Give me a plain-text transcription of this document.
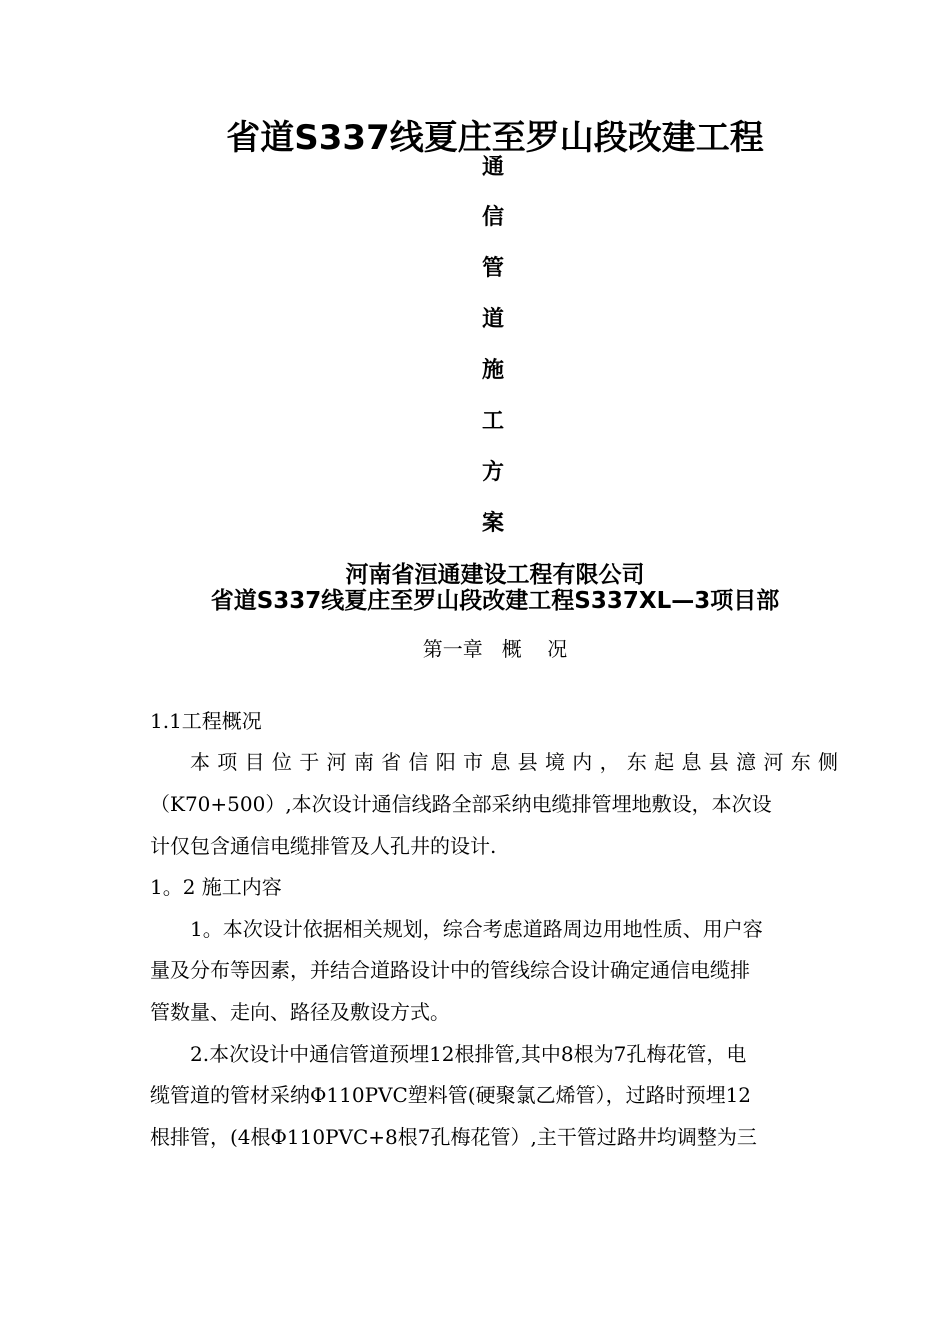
省道S337线夏庄至罗山段改建工程
通
信
管
道
施
工
方
案
河南省洹通建设工程有限公司
省道S337线夏庄至罗山段改建工程S337XL—3项目部
第一章   概    况
1.1工程概况
本项目位于河南省信阳市息县境内，东起息县澺河东侧
（K70+500）,本次设计通信线路全部采纳电缆排管埋地敷设，本次设
计仅包含通信电缆排管及人孔井的设计.
1。2 施工内容
1。本次设计依据相关规划，综合考虑道路周边用地性质、用户容
量及分布等因素，并结合道路设计中的管线综合设计确定通信电缆排
管数量、走向、路径及敷设方式。
2.本次设计中通信管道预埋12根排管,其中8根为7孔梅花管，电
缆管道的管材采纳Φ110PVC塑料管(硬聚氯乙烯管），过路时预埋12
根排管，(4根Φ110PVC+8根7孔梅花管）,主干管过路井均调整为三
